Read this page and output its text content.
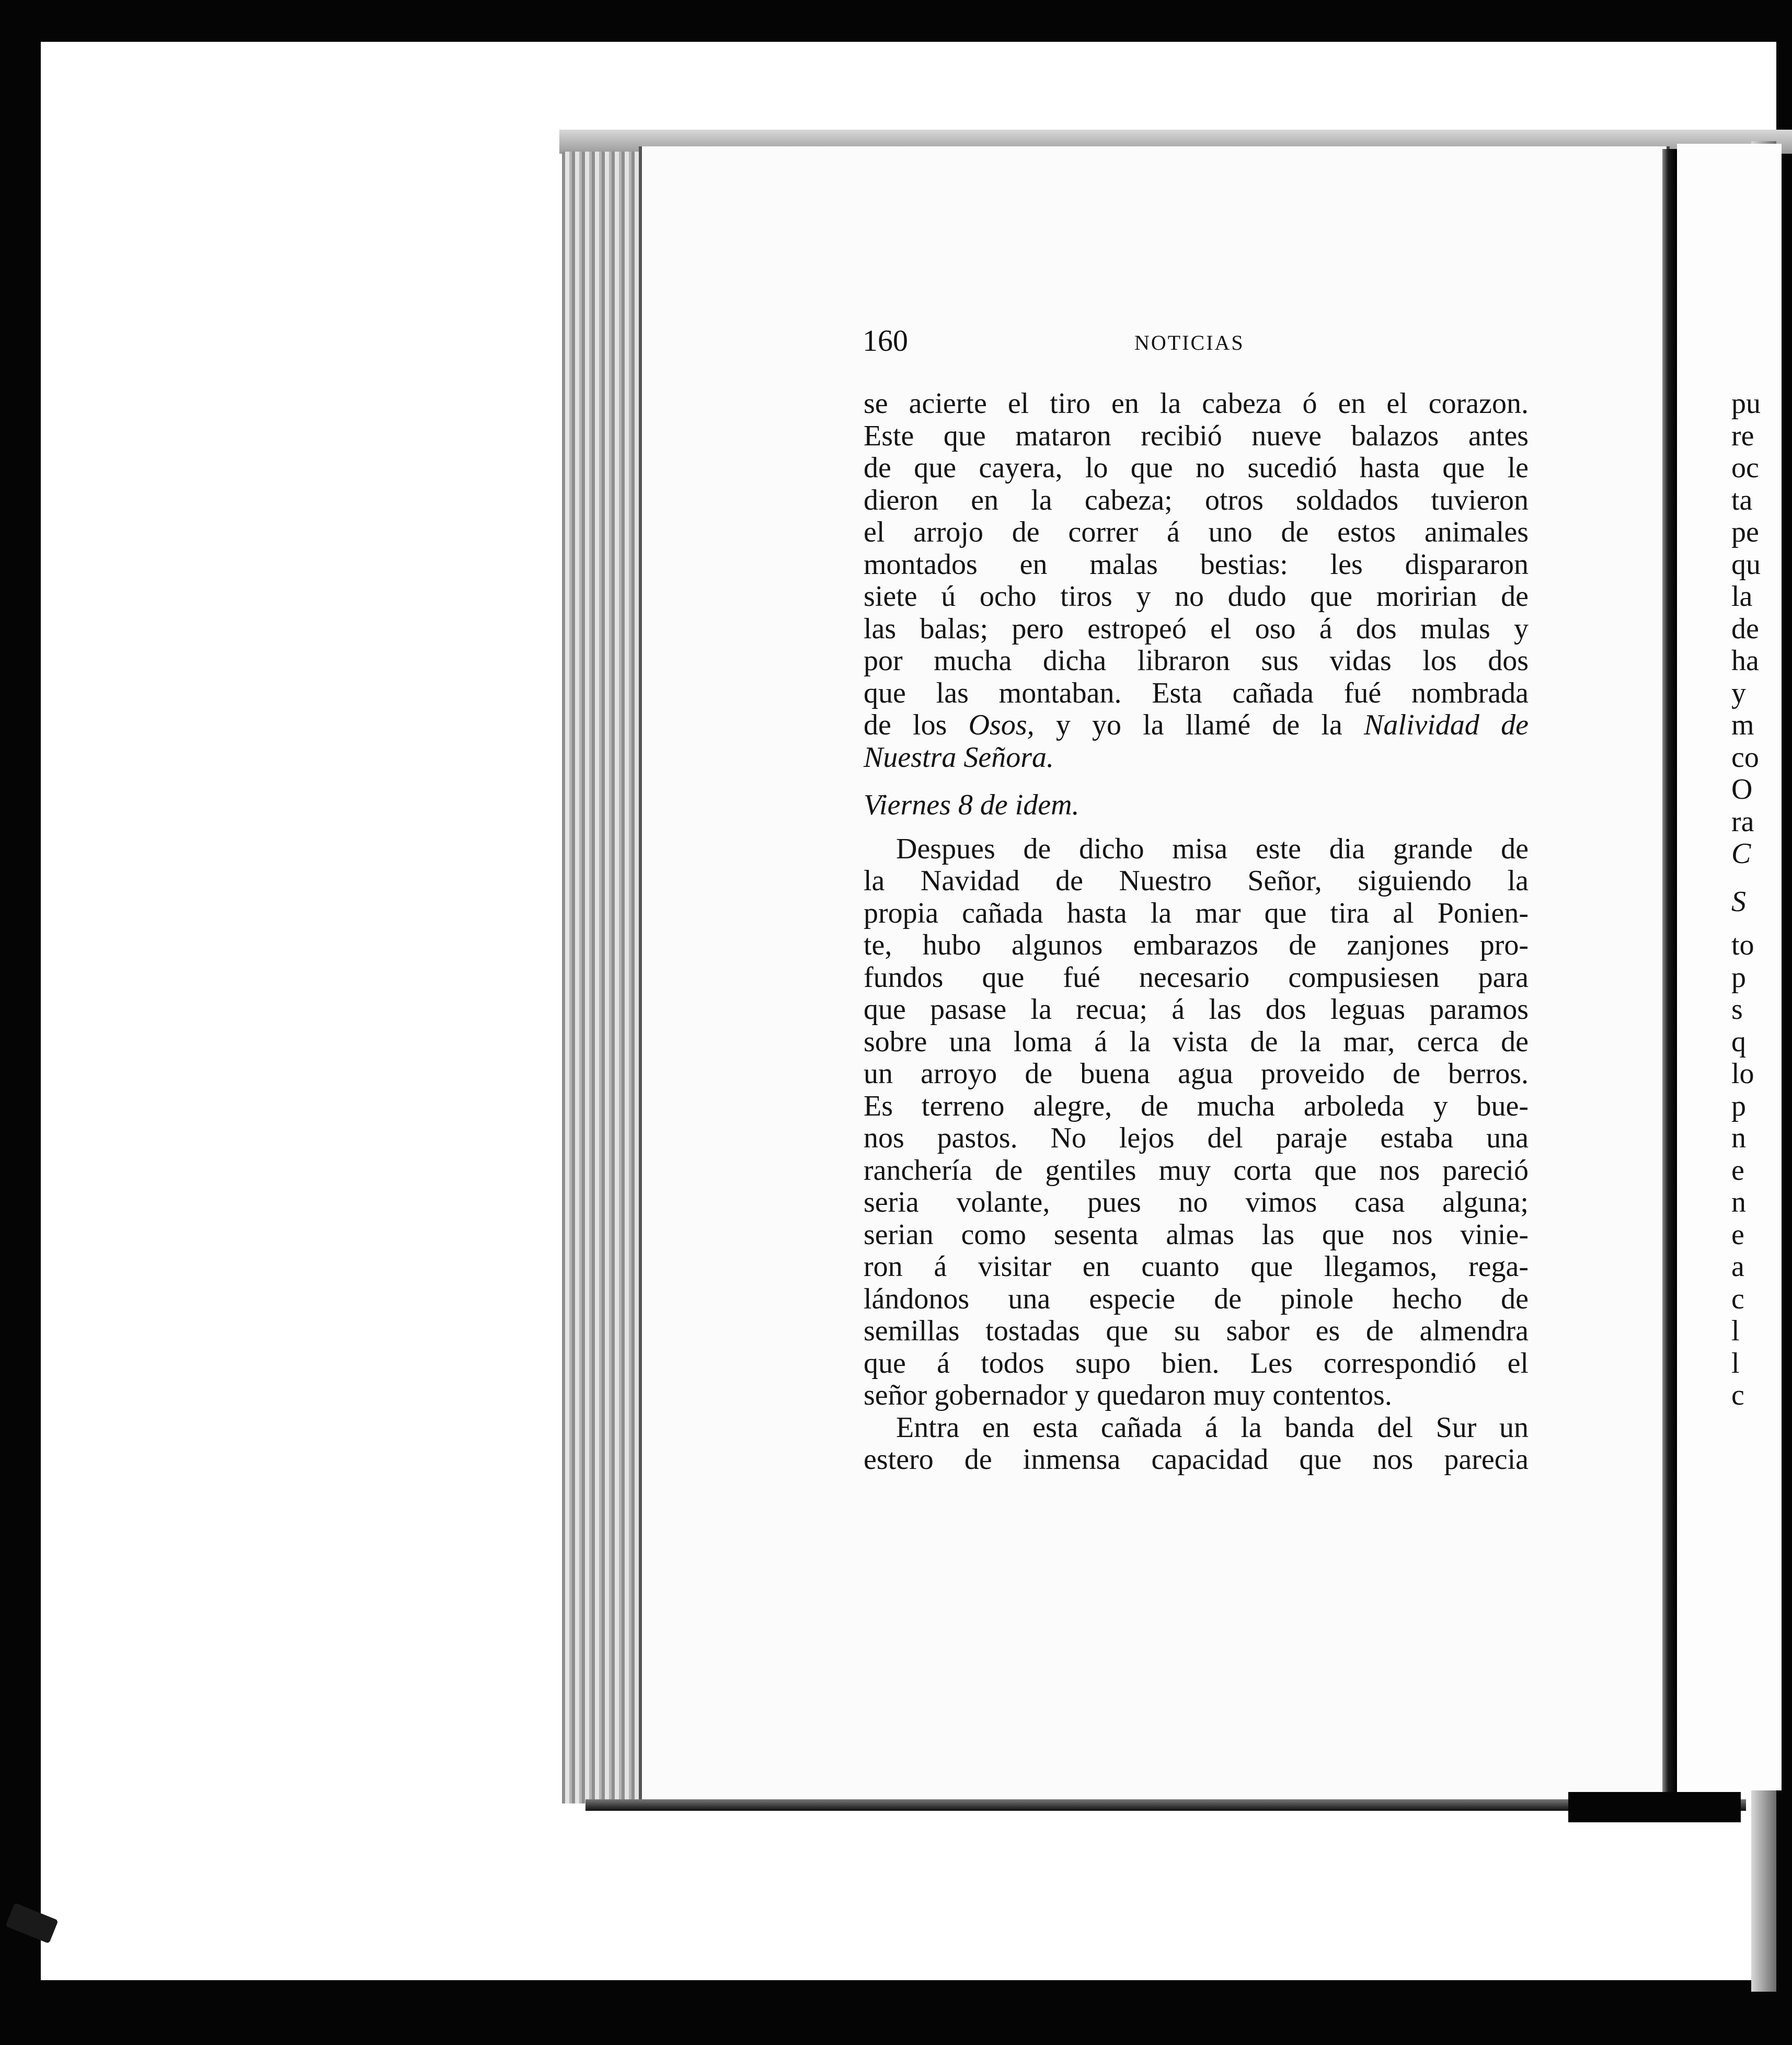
160	NOTICIAS
se acierte el tiro en la cabeza ó en el corazon.
Este que mataron recibió nueve balazos antes
de que cayera, lo que no sucedió hasta que le
dieron en la cabeza; otros soldados tuvieron
el arrojo de correr á uno de estos animales
montados en malas bestias: les dispararon
siete ú ocho tiros y no dudo que moririan de
las balas; pero estropeó el oso á dos mulas y
por mucha dicha libraron sus vidas los dos
que las montaban. Esta cañada fué nombrada
de los Osos, y yo la llamé de la Nalividad de
Nuestra Señora.
Viernes 8 de idem.
Despues de dicho misa este dia grande de
la Navidad de Nuestro Señor, siguiendo la
propia cañada hasta la mar que tira al Ponien-
te, hubo algunos embarazos de zanjones pro-
fundos que fué necesario compusiesen para
que pasase la recua; á las dos leguas paramos
sobre una loma á la vista de la mar, cerca de
un arroyo de buena agua proveido de berros.
Es terreno alegre, de mucha arboleda y bue-
nos pastos. No lejos del paraje estaba una
ranchería de gentiles muy corta que nos pareció
seria volante, pues no vimos casa alguna;
serian como sesenta almas las que nos vinie-
ron á visitar en cuanto que llegamos, rega-
lándonos una especie de pinole hecho de
semillas tostadas que su sabor es de almendra
que á todos supo bien. Les correspondió el
señor gobernador y quedaron muy contentos.
Entra en esta cañada á la banda del Sur un
estero de inmensa capacidad que nos parecia
pu
re
oc
ta
pe
qu
la
de
ha
y
m
co
O
ra
C
S
to
p
s
q
lo
p
n
e
n
e
a
c
l
l
c
